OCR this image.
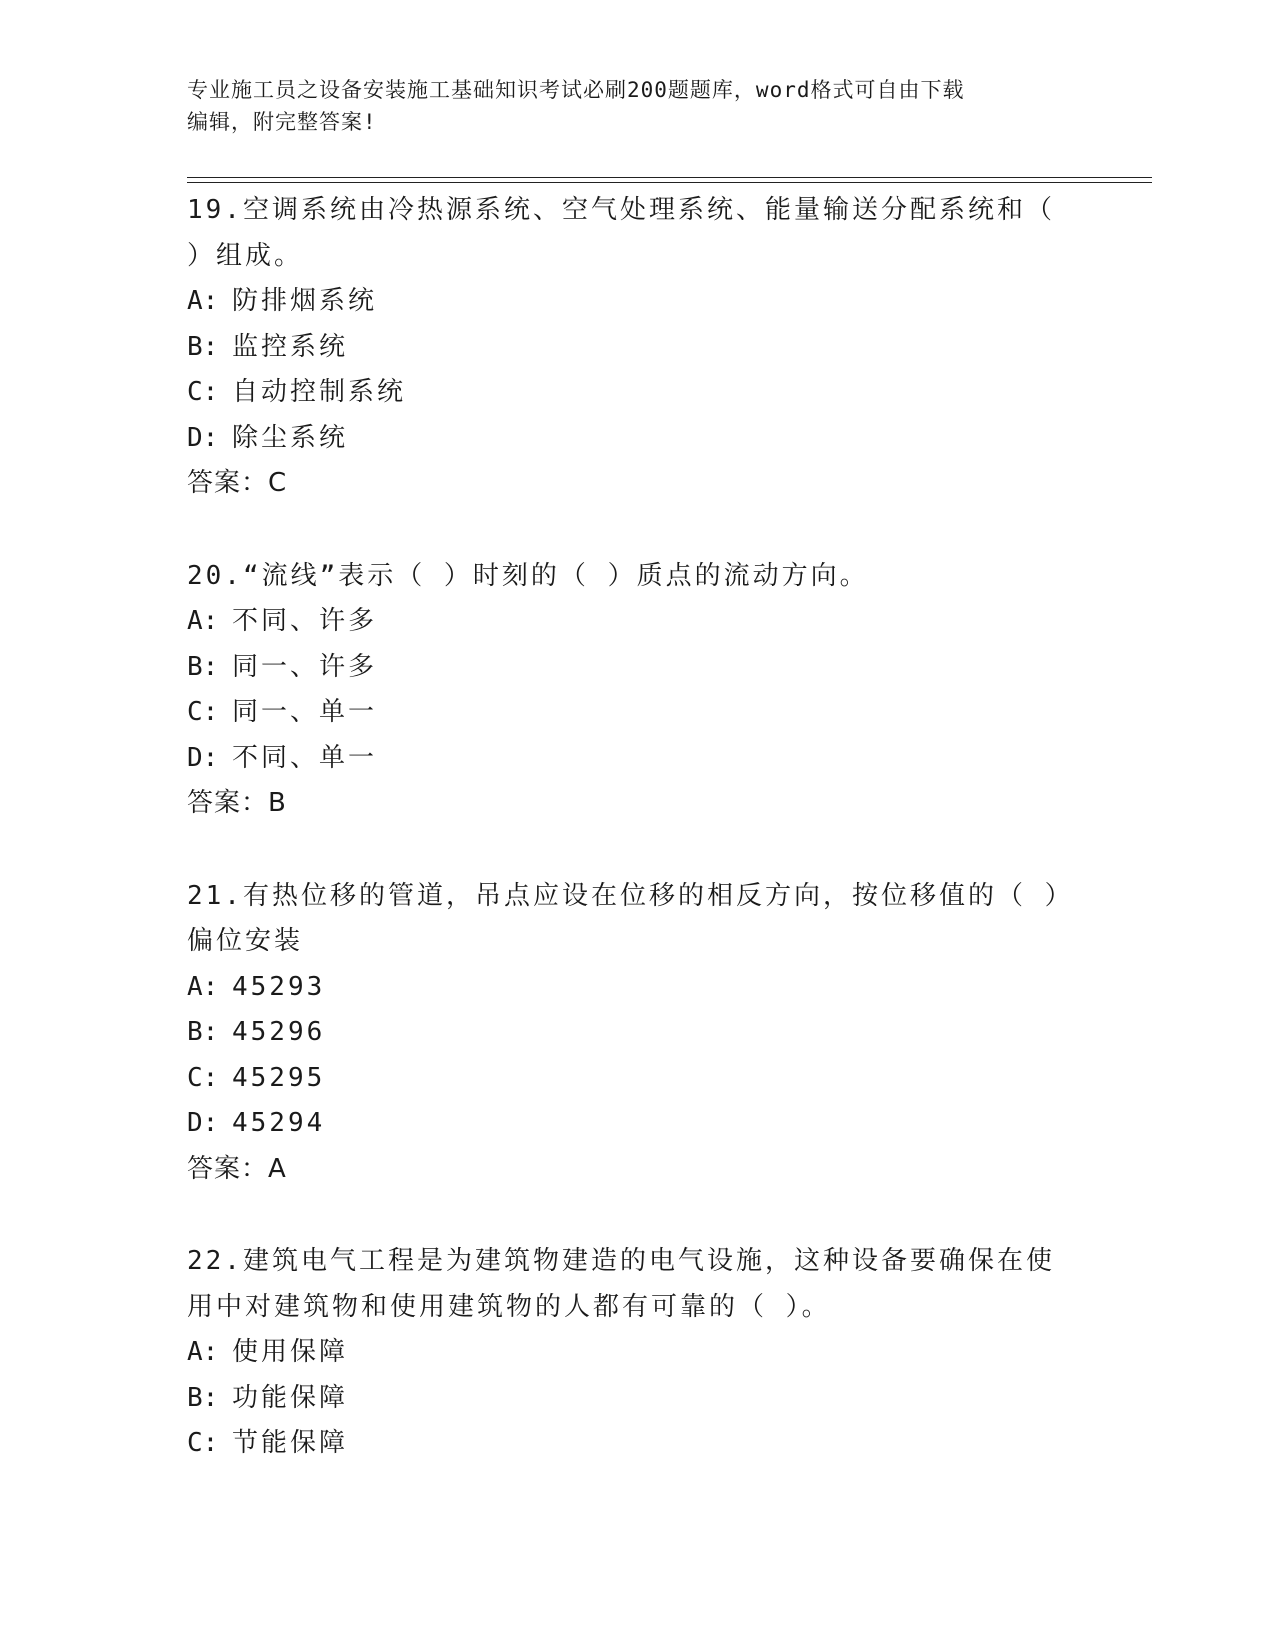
专业施工员之设备安装施工基础知识考试必刷200题题库，word格式可自由下载
编辑，附完整答案!

19.空调系统由冷热源系统、空气处理系统、能量输送分配系统和（ ）组成。

A: 防排烟系统

B: 监控系统

C: 自动控制系统

D: 除尘系统

答案：C

20.“流线”表示（ ）时刻的（ ）质点的流动方向。

A: 不同、许多

B: 同一、许多

C: 同一、单一

D: 不同、单一

答案：B

21.有热位移的管道，吊点应设在位移的相反方向，按位移值的（ ）偏位安装

A: 45293

B: 45296

C: 45295

D: 45294

答案：A

22.建筑电气工程是为建筑物建造的电气设施，这种设备要确保在使用中对建筑物和使用建筑物的人都有可靠的（ ）。

A: 使用保障

B: 功能保障

C: 节能保障
